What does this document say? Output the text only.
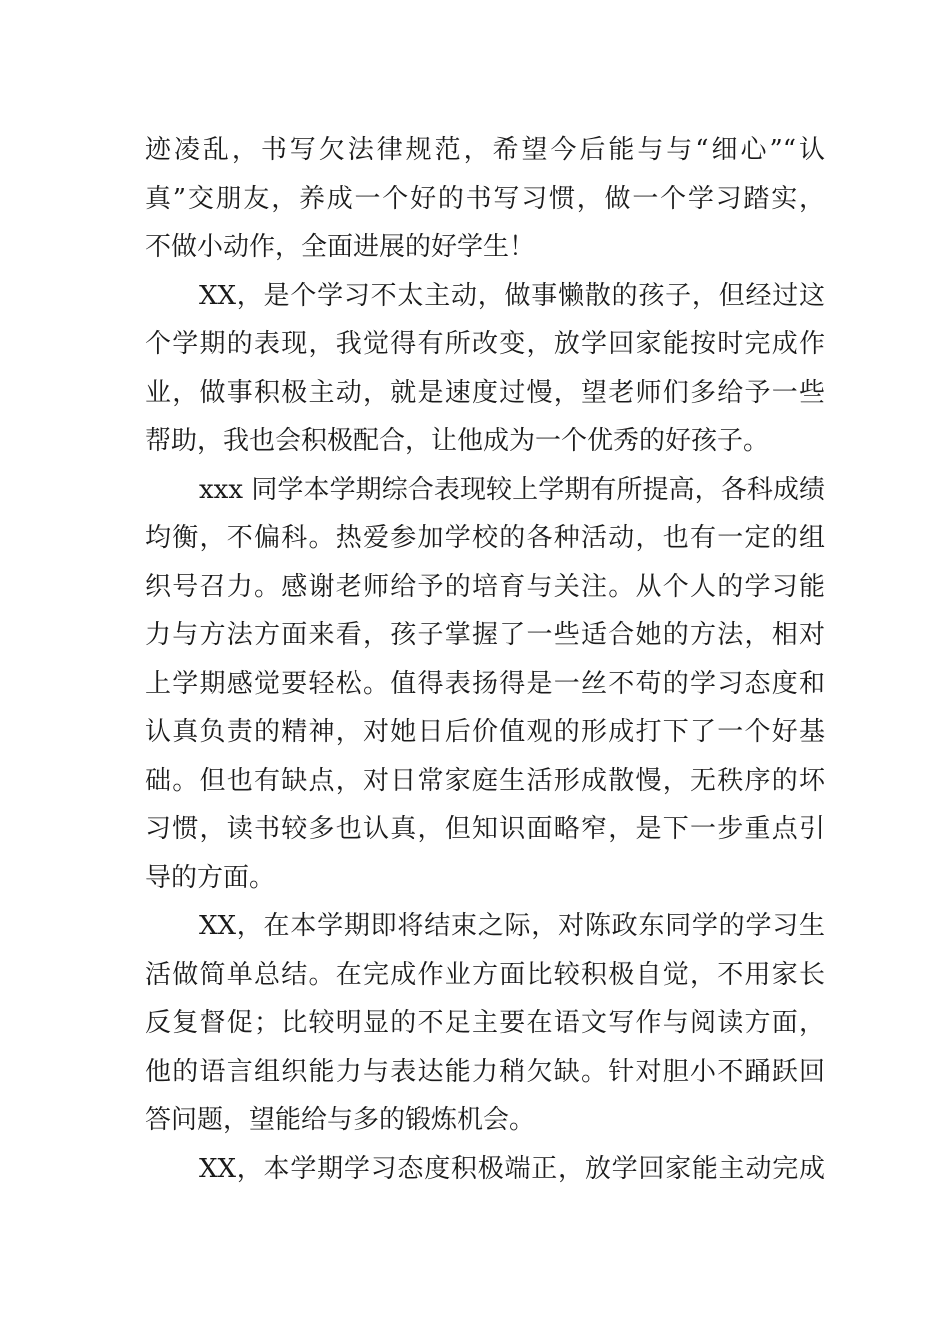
迹凌乱，书写欠法律规范，希望今后能与与“细心”“认
真”交朋友，养成一个好的书写习惯，做一个学习踏实，
不做小动作，全面进展的好学生！
XX，是个学习不太主动，做事懒散的孩子，但经过这
个学期的表现，我觉得有所改变，放学回家能按时完成作
业，做事积极主动，就是速度过慢，望老师们多给予一些
帮助，我也会积极配合，让他成为一个优秀的好孩子。
xxx 同学本学期综合表现较上学期有所提高，各科成绩
均衡，不偏科。热爱参加学校的各种活动，也有一定的组
织号召力。感谢老师给予的培育与关注。从个人的学习能
力与方法方面来看，孩子掌握了一些适合她的方法，相对
上学期感觉要轻松。值得表扬得是一丝不苟的学习态度和
认真负责的精神，对她日后价值观的形成打下了一个好基
础。但也有缺点，对日常家庭生活形成散慢，无秩序的坏
习惯，读书较多也认真，但知识面略窄，是下一步重点引
导的方面。
XX，在本学期即将结束之际，对陈政东同学的学习生
活做简单总结。在完成作业方面比较积极自觉，不用家长
反复督促；比较明显的不足主要在语文写作与阅读方面，
他的语言组织能力与表达能力稍欠缺。针对胆小不踊跃回
答问题，望能给与多的锻炼机会。
XX，本学期学习态度积极端正，放学回家能主动完成
